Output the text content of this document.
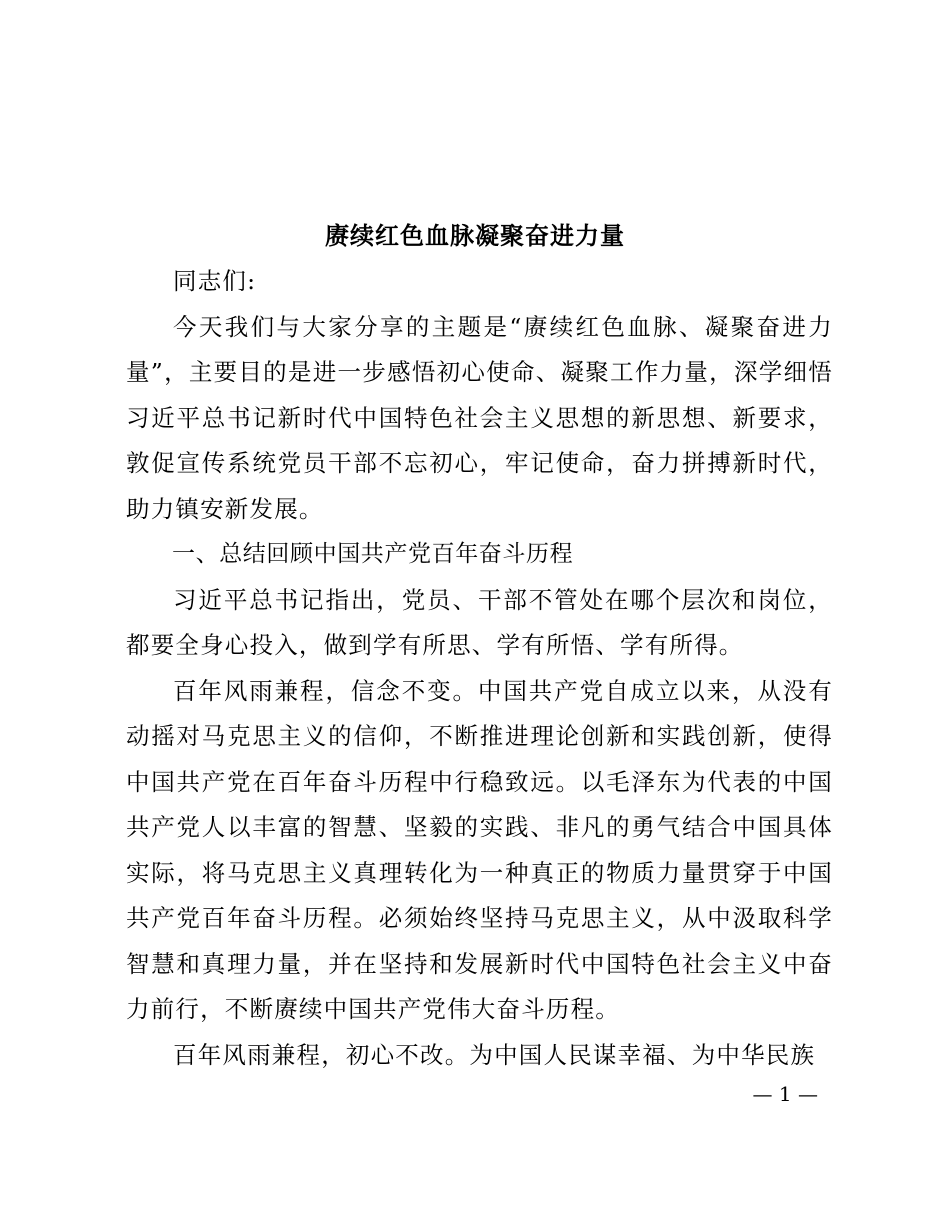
赓续红色血脉凝聚奋进力量

同志们:

今天我们与大家分享的主题是“赓续红色血脉、凝聚奋进力量”，主要目的是进一步感悟初心使命、凝聚工作力量，深学细悟习近平总书记新时代中国特色社会主义思想的新思想、新要求，敦促宣传系统党员干部不忘初心，牢记使命，奋力拼搏新时代，助力镇安新发展。

一、总结回顾中国共产党百年奋斗历程

习近平总书记指出，党员、干部不管处在哪个层次和岗位，都要全身心投入，做到学有所思、学有所悟、学有所得。

百年风雨兼程，信念不变。中国共产党自成立以来，从没有动摇对马克思主义的信仰，不断推进理论创新和实践创新，使得中国共产党在百年奋斗历程中行稳致远。以毛泽东为代表的中国共产党人以丰富的智慧、坚毅的实践、非凡的勇气结合中国具体实际，将马克思主义真理转化为一种真正的物质力量贯穿于中国共产党百年奋斗历程。必须始终坚持马克思主义，从中汲取科学智慧和真理力量，并在坚持和发展新时代中国特色社会主义中奋力前行，不断赓续中国共产党伟大奋斗历程。

百年风雨兼程，初心不改。为中国人民谋幸福、为中华民族

— 1 —
